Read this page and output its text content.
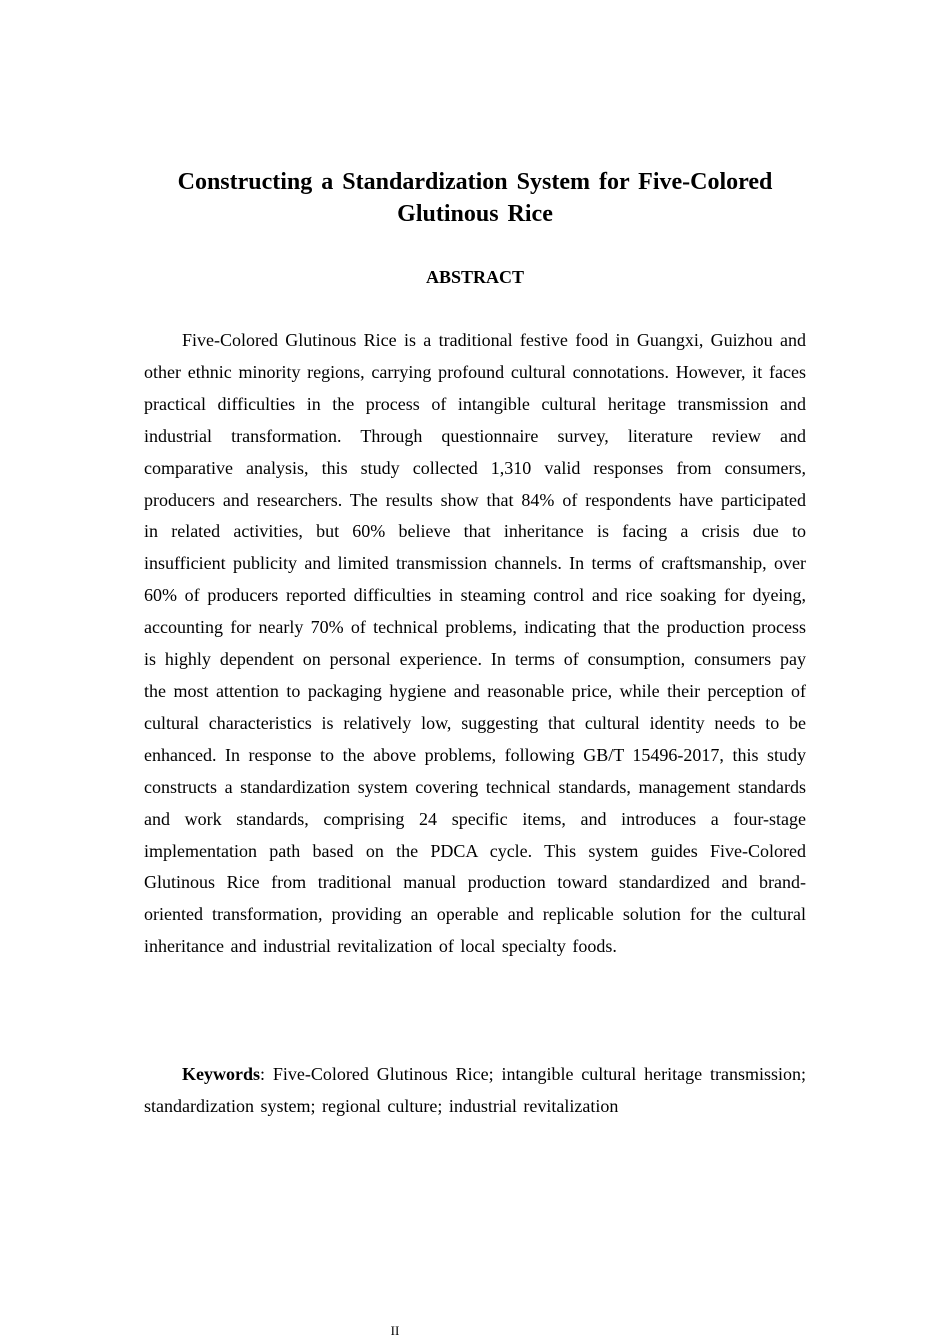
Constructing a Standardization System for Five-Colored Glutinous Rice
ABSTRACT

Five-Colored Glutinous Rice is a traditional festive food in Guangxi, Guizhou and other ethnic minority regions, carrying profound cultural connotations. However, it faces practical difficulties in the process of intangible cultural heritage transmission and industrial transformation. Through questionnaire survey, literature review and comparative analysis, this study collected 1,310 valid responses from consumers, producers and researchers. The results show that 84% of respondents have participated in related activities, but 60% believe that inheritance is facing a crisis due to insufficient publicity and limited transmission channels. In terms of craftsmanship, over 60% of producers reported difficulties in steaming control and rice soaking for dyeing, accounting for nearly 70% of technical problems, indicating that the production process is highly dependent on personal experience. In terms of consumption, consumers pay the most attention to packaging hygiene and reasonable price, while their perception of cultural characteristics is relatively low, suggesting that cultural identity needs to be enhanced. In response to the above problems, following GB/T 15496-2017, this study constructs a standardization system covering technical standards, management standards and work standards, comprising 24 specific items, and introduces a four-stage implementation path based on the PDCA cycle. This system guides Five-Colored Glutinous Rice from traditional manual production toward standardized and brand-oriented transformation, providing an operable and replicable solution for the cultural inheritance and industrial revitalization of local specialty foods.

Keywords: Five-Colored Glutinous Rice; intangible cultural heritage transmission; standardization system; regional culture; industrial revitalization

II
